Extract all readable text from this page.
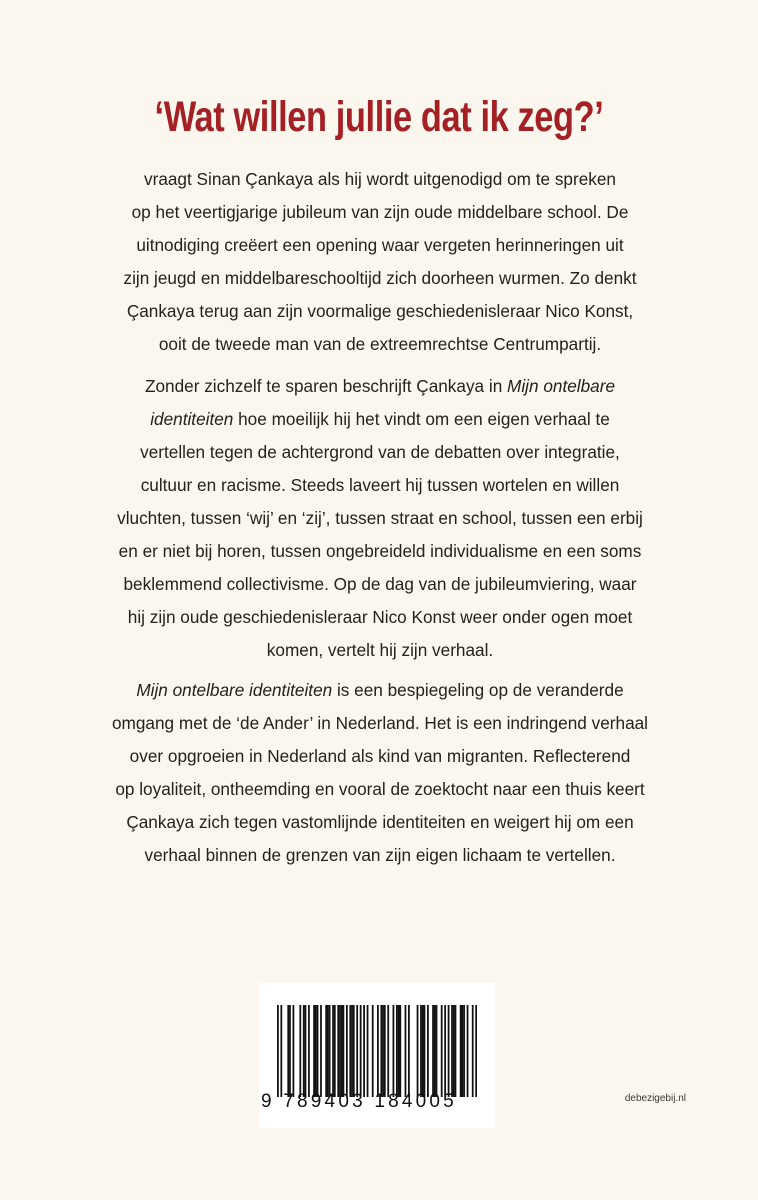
‘Wat willen jullie dat ik zeg?’
vraagt Sinan Çankaya als hij wordt uitgenodigd om te spreken
op het veertigjarige jubileum van zijn oude middelbare school. De
uitnodiging creëert een opening waar vergeten herinneringen uit
zijn jeugd en middelbareschooltijd zich doorheen wurmen. Zo denkt
Çankaya terug aan zijn voormalige geschiedenisleraar Nico Konst,
ooit de tweede man van de extreemrechtse Centrumpartij.
Zonder zichzelf te sparen beschrijft Çankaya in Mijn ontelbare
identiteiten hoe moeilijk hij het vindt om een eigen verhaal te
vertellen tegen de achtergrond van de debatten over integratie,
cultuur en racisme. Steeds laveert hij tussen wortelen en willen
vluchten, tussen ‘wij’ en ‘zij’, tussen straat en school, tussen een erbij
en er niet bij horen, tussen ongebreideld individualisme en een soms
beklemmend collectivisme. Op de dag van de jubileumviering, waar
hij zijn oude geschiedenisleraar Nico Konst weer onder ogen moet
komen, vertelt hij zijn verhaal.
Mijn ontelbare identiteiten is een bespiegeling op de veranderde
omgang met de ‘de Ander’ in Nederland. Het is een indringend verhaal
over opgroeien in Nederland als kind van migranten. Reflecterend
op loyaliteit, ontheemding en vooral de zoektocht naar een thuis keert
Çankaya zich tegen vastomlijnde identiteiten en weigert hij om een
verhaal binnen de grenzen van zijn eigen lichaam te vertellen.
9 789403 184005	debezigebij.nl
